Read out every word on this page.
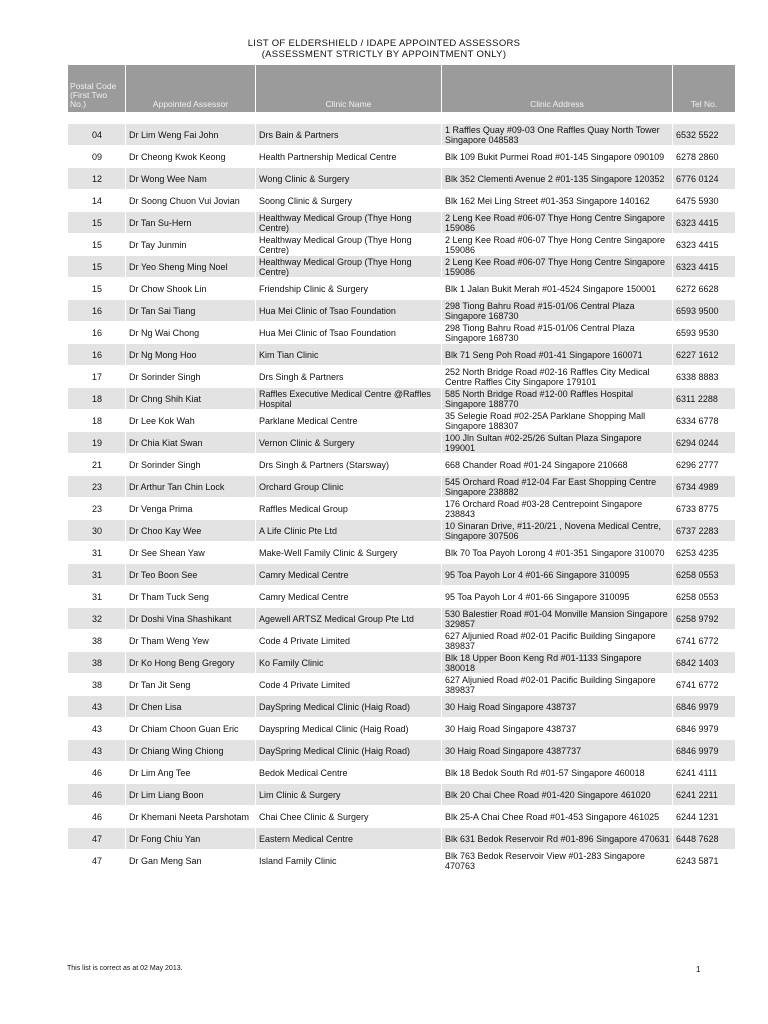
LIST OF ELDERSHIELD / IDAPE APPOINTED ASSESSORS
(ASSESSMENT STRICTLY BY APPOINTMENT ONLY)
Postal Code (First Two No.)	Appointed Assessor	Clinic Name	Clinic Address	Tel No.

04	Dr Lim Weng Fai John	Drs Bain & Partners	1 Raffles Quay #09-03 One Raffles Quay North Tower Singapore 048583	6532 5522
09	Dr Cheong Kwok Keong	Health Partnership Medical Centre	Blk 109 Bukit Purmei Road #01-145 Singapore 090109	6278 2860
12	Dr Wong Wee Nam	Wong Clinic & Surgery	Blk 352 Clementi Avenue 2 #01-135 Singapore 120352	6776 0124
14	Dr Soong Chuon Vui Jovian	Soong Clinic & Surgery	Blk 162 Mei Ling Street #01-353 Singapore 140162	6475 5930
15	Dr Tan Su-Hern	Healthway Medical Group (Thye Hong Centre)	2 Leng Kee Road #06-07 Thye Hong Centre Singapore 159086	6323 4415
15	Dr Tay Junmin	Healthway Medical Group (Thye Hong Centre)	2 Leng Kee Road #06-07 Thye Hong Centre Singapore 159086	6323 4415
15	Dr Yeo Sheng Ming Noel	Healthway Medical Group (Thye Hong Centre)	2 Leng Kee Road #06-07 Thye Hong Centre Singapore 159086	6323 4415
15	Dr Chow Shook Lin	Friendship Clinic & Surgery	Blk 1 Jalan Bukit Merah #01-4524 Singapore 150001	6272 6628
16	Dr Tan Sai Tiang	Hua Mei Clinic of Tsao Foundation	298 Tiong Bahru Road #15-01/06 Central Plaza Singapore 168730	6593 9500
16	Dr Ng Wai Chong	Hua Mei Clinic of Tsao Foundation	298 Tiong Bahru Road #15-01/06 Central Plaza Singapore 168730	6593 9530
16	Dr Ng Mong Hoo	Kim Tian Clinic	Blk 71 Seng Poh Road #01-41 Singapore 160071	6227 1612
17	Dr Sorinder Singh	Drs Singh & Partners	252 North Bridge Road #02-16 Raffles City Medical Centre Raffles City Singapore 179101	6338 8883
18	Dr Chng Shih Kiat	Raffles Executive Medical Centre @Raffles Hospital	585 North Bridge Road #12-00 Raffles Hospital Singapore 188770	6311 2288
18	Dr Lee Kok Wah	Parklane Medical Centre	35 Selegie Road #02-25A Parklane Shopping Mall Singapore 188307	6334 6778
19	Dr Chia Kiat Swan	Vernon Clinic & Surgery	100 Jln Sultan #02-25/26 Sultan Plaza Singapore 199001	6294 0244
21	Dr Sorinder Singh	Drs Singh & Partners (Starsway)	668 Chander Road #01-24 Singapore 210668	6296 2777
23	Dr Arthur Tan Chin Lock	Orchard Group Clinic	545 Orchard Road #12-04 Far East Shopping Centre Singapore 238882	6734 4989
23	Dr Venga Prima	Raffles Medical Group	176 Orchard Road #03-28 Centrepoint Singapore 238843	6733 8775
30	Dr Choo Kay Wee	A Life Clinic Pte Ltd	10 Sinaran Drive, #11-20/21 , Novena Medical Centre, Singapore 307506	6737 2283
31	Dr See Shean Yaw	Make-Well Family Clinic & Surgery	Blk 70 Toa Payoh Lorong 4 #01-351 Singapore 310070	6253 4235
31	Dr Teo Boon See	Camry Medical Centre	95 Toa Payoh Lor 4 #01-66 Singapore 310095	6258 0553
31	Dr Tham Tuck Seng	Camry Medical Centre	95 Toa Payoh Lor 4 #01-66 Singapore 310095	6258 0553
32	Dr Doshi Vina Shashikant	Agewell ARTSZ Medical Group Pte Ltd	530 Balestier Road #01-04 Monville Mansion Singapore 329857	6258 9792
38	Dr Tham Weng Yew	Code 4 Private Limited	627 Aljunied Road #02-01 Pacific Building Singapore 389837	6741 6772
38	Dr Ko Hong Beng Gregory	Ko Family Clinic	Blk 18 Upper Boon Keng Rd #01-1133 Singapore 380018	6842 1403
38	Dr Tan Jit Seng	Code 4 Private Limited	627 Aljunied Road #02-01 Pacific Building Singapore 389837	6741 6772
43	Dr Chen Lisa	DaySpring Medical Clinic (Haig Road)	30 Haig Road Singapore 438737	6846 9979
43	Dr Chiam Choon Guan Eric	Dayspring Medical Clinic (Haig Road)	30 Haig Road Singapore 438737	6846 9979
43	Dr Chiang Wing Chiong	DaySpring Medical Clinic (Haig Road)	30 Haig Road Singapore 4387737	6846 9979
46	Dr Lim Ang Tee	Bedok Medical Centre	Blk 18 Bedok South Rd #01-57 Singapore 460018	6241 4111
46	Dr Lim Liang Boon	Lim Clinic & Surgery	Blk 20 Chai Chee Road #01-420 Singapore 461020	6241 2211
46	Dr Khemani Neeta Parshotam	Chai Chee Clinic & Surgery	Blk 25-A Chai Chee Road #01-453 Singapore 461025	6244 1231
47	Dr Fong Chiu Yan	Eastern Medical Centre	Blk 631 Bedok Reservoir Rd #01-896 Singapore 470631	6448 7628
47	Dr Gan Meng San	Island Family Clinic	Blk 763 Bedok Reservoir View #01-283 Singapore 470763	6243 5871
This list is correct as at 02 May 2013.	1
